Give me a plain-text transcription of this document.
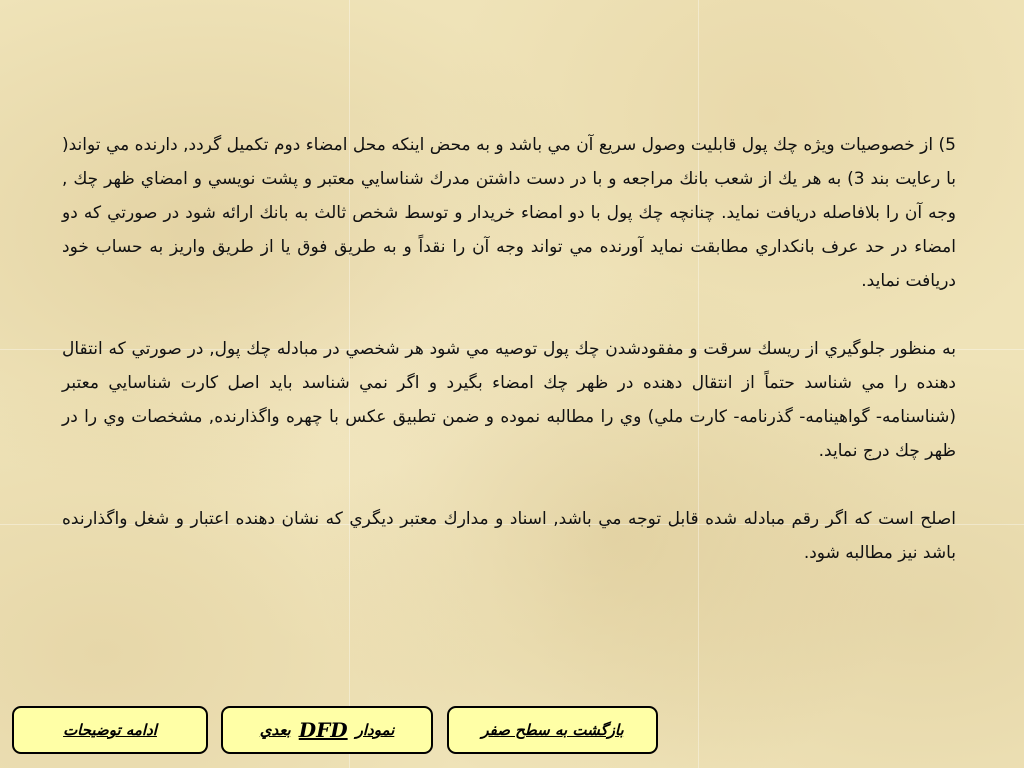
5) از خصوصيات ويژه چك پول قابليت وصول سريع آن مي باشد و به محض اينكه محل امضاء دوم تكميل گردد, دارنده مي تواند( با رعايت بند 3) به هر يك از شعب بانك مراجعه و با در دست داشتن مدرك شناسايي معتبر و پشت نويسي و امضاي ظهر چك , وجه آن را بلافاصله دريافت نمايد. چنانچه چك پول با دو امضاء خريدار و توسط شخص ثالث به بانك ارائه شود در صورتي كه دو امضاء در حد عرف بانكداري مطابقت نمايد آورنده مي تواند وجه آن را نقداً و به طريق فوق يا از طريق واريز به حساب خود دريافت نمايد.

به منظور جلوگيري از ريسك سرقت و مفقودشدن چك پول توصيه مي شود هر شخصي در مبادله چك پول, در صورتي كه انتقال دهنده را مي شناسد حتماً از انتقال دهنده در ظهر چك امضاء بگيرد و اگر نمي شناسد بايد اصل كارت شناسايي معتبر (شناسنامه- گواهينامه- گذرنامه- كارت ملي) وي را مطالبه نموده و ضمن تطبيق عكس با چهره واگذارنده, مشخصات وي را در ظهر چك درج نمايد.

اصلح است كه اگر رقم مبادله شده قابل توجه مي باشد, اسناد و مدارك معتبر ديگري كه نشان دهنده اعتبار و شغل واگذارنده باشد نيز مطالبه شود.

ادامه توضيحات	نمودار
DFD
بعدي	بازگشت به سطح صفر
